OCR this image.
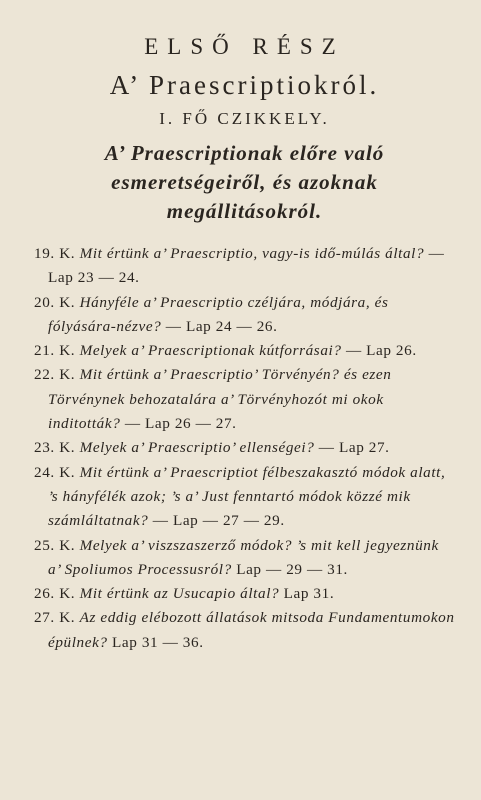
ELSŐ RÉSZ
A’ Praescriptiokról.
I. FŐ CZIKKELY.
A’ Praescriptionak előre való
esmeretségeiről, és azoknak
megállitásokról.
19. K. Mit értünk a’ Praescriptio, vagy-is idő-múlás által? — Lap 23 — 24.
20. K. Hányféle a’ Praescriptio czéljára, módjára, és fólyására-nézve? — Lap 24 — 26.
21. K. Melyek a’ Praescriptionak kútforrásai? — Lap 26.
22. K. Mit értünk a’ Praescriptio’ Törvényén? és ezen Törvénynek behozatalára a’ Törvényhozót mi okok inditották? — Lap 26 — 27.
23. K. Melyek a’ Praescriptio’ ellenségei? — Lap 27.
24. K. Mit értünk a’ Praescriptiot félbeszakasztó módok alatt, ’s hányfélék azok; ’s a’ Just fenntartó módok közzé mik számláltatnak? — Lap — 27 — 29.
25. K. Melyek a’ viszszaszerző módok? ’s mit kell jegyeznünk a’ Spoliumos Processusról? Lap — 29 — 31.
26. K. Mit értünk az Usucapio által? Lap 31.
27. K. Az eddig elébozott állatások mitsoda Fundamentumokon épülnek? Lap 31 — 36.
